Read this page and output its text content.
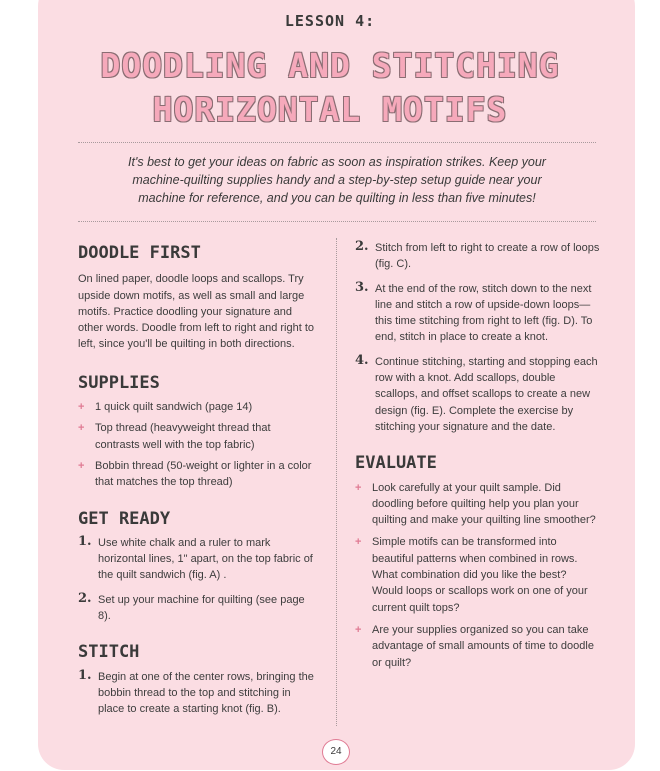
LESSON 4:
DOODLING AND STITCHING
HORIZONTAL MOTIFS
It's best to get your ideas on fabric as soon as inspiration strikes. Keep your machine-quilting supplies handy and a step-by-step setup guide near your machine for reference, and you can be quilting in less than five minutes!
DOODLE FIRST

On lined paper, doodle loops and scallops. Try upside down motifs, as well as small and large motifs. Practice doodling your signature and other words. Doodle from left to right and right to left, since you'll be quilting in both directions.

SUPPLIES
+ 1 quick quilt sandwich (page 14)
+ Top thread (heavyweight thread that contrasts well with the top fabric)
+ Bobbin thread (50-weight or lighter in a color that matches the top thread)
GET READY
1. Use white chalk and a ruler to mark horizontal lines, 1" apart, on the top fabric of the quilt sandwich (fig. A) .
2. Set up your machine for quilting (see page 8).
STITCH
1. Begin at one of the center rows, bringing the bobbin thread to the top and stitching in place to create a starting knot (fig. B).
2. Stitch from left to right to create a row of loops (fig. C).
3. At the end of the row, stitch down to the next line and stitch a row of upside-down loops—this time stitching from right to left (fig. D). To end, stitch in place to create a knot.
4. Continue stitching, starting and stopping each row with a knot. Add scallops, double scallops, and offset scallops to create a new design (fig. E). Complete the exercise by stitching your signature and the date.
EVALUATE
+ Look carefully at your quilt sample. Did doodling before quilting help you plan your quilting and make your quilting line smoother?
+ Simple motifs can be transformed into beautiful patterns when combined in rows. What combination did you like the best? Would loops or scallops work on one of your current quilt tops?
+ Are your supplies organized so you can take advantage of small amounts of time to doodle or quilt?
24
